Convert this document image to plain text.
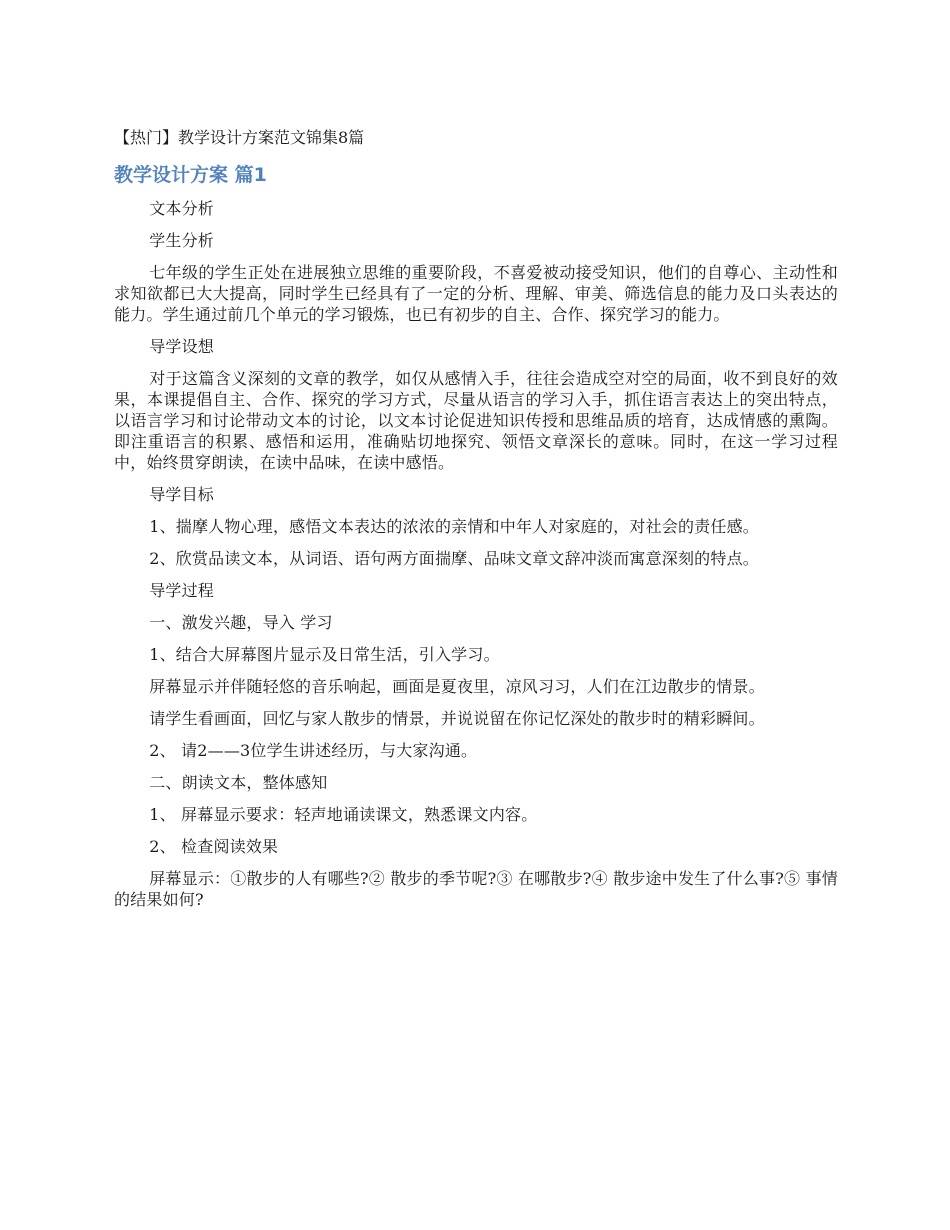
【热门】教学设计方案范文锦集8篇
教学设计方案 篇1

文本分析

学生分析

七年级的学生正处在进展独立思维的重要阶段，不喜爱被动接受知识，他们的自尊心、主动性和求知欲都已大大提高，同时学生已经具有了一定的分析、理解、审美、筛选信息的能力及口头表达的能力。学生通过前几个单元的学习锻炼，也已有初步的自主、合作、探究学习的能力。

导学设想

对于这篇含义深刻的文章的教学，如仅从感情入手，往往会造成空对空的局面，收不到良好的效果，本课提倡自主、合作、探究的学习方式，尽量从语言的学习入手，抓住语言表达上的突出特点，以语言学习和讨论带动文本的讨论，以文本讨论促进知识传授和思维品质的培育，达成情感的熏陶。即注重语言的积累、感悟和运用，准确贴切地探究、领悟文章深长的意味。同时，在这一学习过程中，始终贯穿朗读，在读中品味，在读中感悟。

导学目标

1、揣摩人物心理，感悟文本表达的浓浓的亲情和中年人对家庭的，对社会的责任感。

2、欣赏品读文本，从词语、语句两方面揣摩、品味文章文辞冲淡而寓意深刻的特点。

导学过程

一、激发兴趣，导入 学习

1、结合大屏幕图片显示及日常生活，引入学习。

屏幕显示并伴随轻悠的音乐响起，画面是夏夜里，凉风习习，人们在江边散步的情景。

请学生看画面，回忆与家人散步的情景，并说说留在你记忆深处的散步时的精彩瞬间。

2、 请2——3位学生讲述经历，与大家沟通。

二、朗读文本，整体感知

1、 屏幕显示要求：轻声地诵读课文，熟悉课文内容。

2、 检查阅读效果

屏幕显示：①散步的人有哪些?② 散步的季节呢?③ 在哪散步?④ 散步途中发生了什么事?⑤ 事情的结果如何?
